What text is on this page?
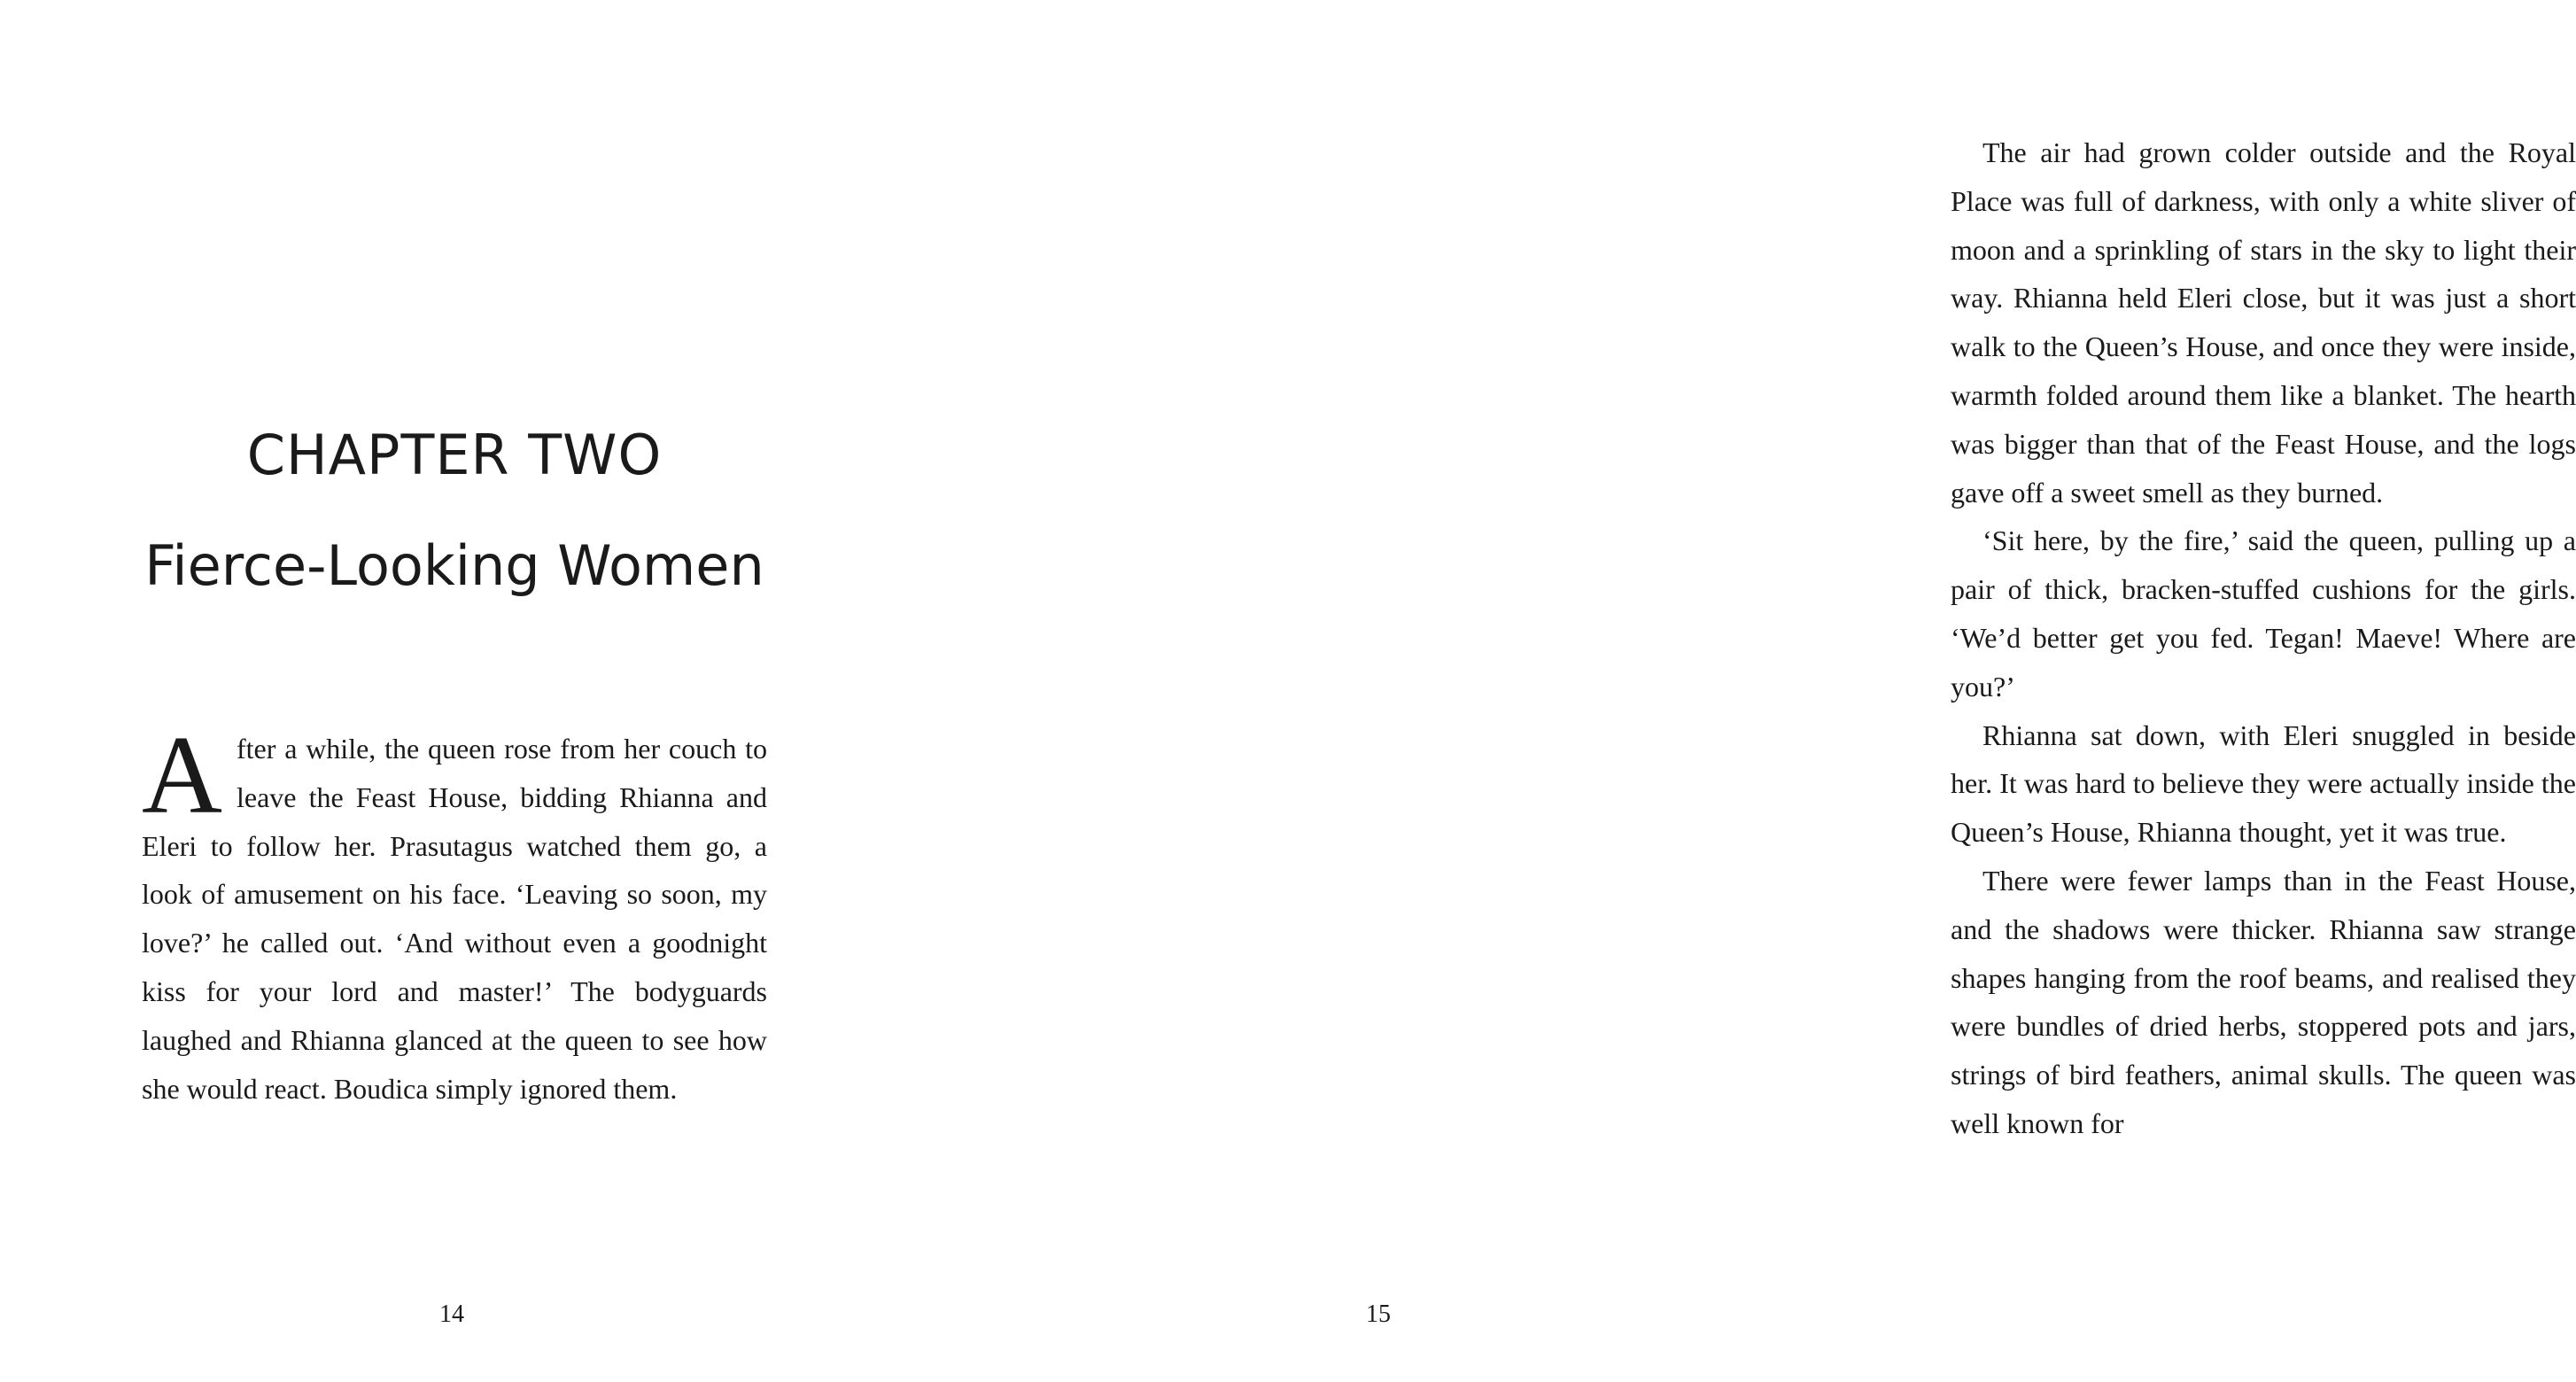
CHAPTER TWO
Fierce-Looking Women

After a while, the queen rose from her couch to leave the Feast House, bidding Rhianna and Eleri to follow her. Prasutagus watched them go, a look of amusement on his face. ‘Leaving so soon, my love?’ he called out. ‘And without even a goodnight kiss for your lord and master!’ The bodyguards laughed and Rhianna glanced at the queen to see how she would react. Boudica simply ignored them.

14

The air had grown colder outside and the Royal Place was full of darkness, with only a white sliver of moon and a sprinkling of stars in the sky to light their way. Rhianna held Eleri close, but it was just a short walk to the Queen’s House, and once they were inside, warmth folded around them like a blanket. The hearth was bigger than that of the Feast House, and the logs gave off a sweet smell as they burned.

‘Sit here, by the fire,’ said the queen, pulling up a pair of thick, bracken-stuffed cushions for the girls. ‘We’d better get you fed. Tegan! Maeve! Where are you?’

Rhianna sat down, with Eleri snuggled in beside her. It was hard to believe they were actually inside the Queen’s House, Rhianna thought, yet it was true.

There were fewer lamps than in the Feast House, and the shadows were thicker. Rhianna saw strange shapes hanging from the roof beams, and realised they were bundles of dried herbs, stoppered pots and jars, strings of bird feathers, animal skulls. The queen was well known for

15
